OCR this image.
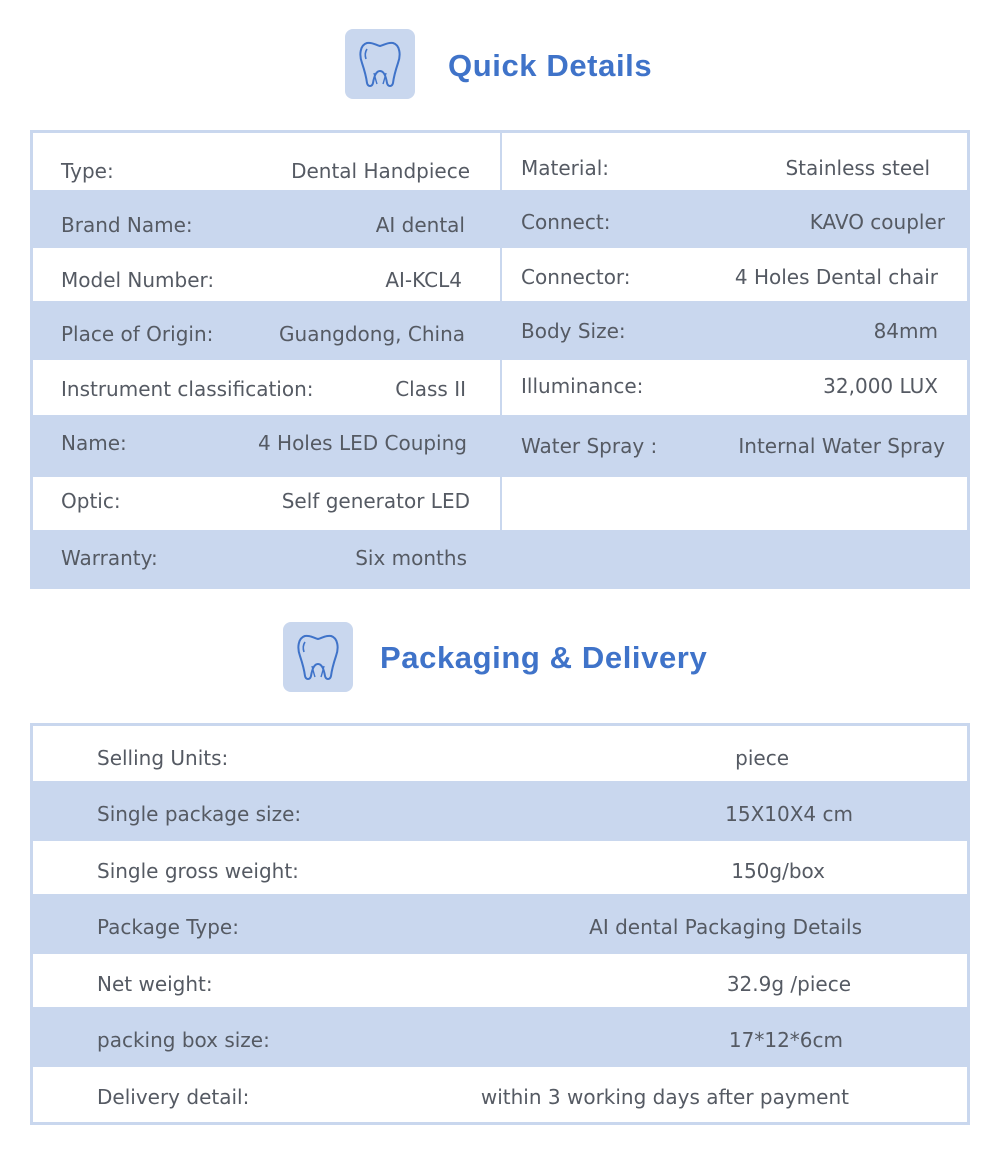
Quick Details
Type:	Dental Handpiece
Brand Name:	AI dental
Model Number:	AI-KCL4
Place of Origin:	Guangdong, China
Instrument classification:	Class II
Name:	4 Holes LED Couping
Optic:	Self generator LED
Warranty:	Six months
Material:	Stainless steel
Connect:	KAVO coupler
Connector:	4 Holes Dental chair
Body Size:	84mm
Illuminance:	32,000 LUX
Water Spray :	Internal Water Spray
Packaging & Delivery
Selling Units:	piece
Single package size:	15X10X4 cm
Single gross weight:	150g/box
Package Type:	AI dental Packaging Details
Net weight:	32.9g /piece
packing box size:	17*12*6cm
Delivery detail:	within 3 working days after payment
